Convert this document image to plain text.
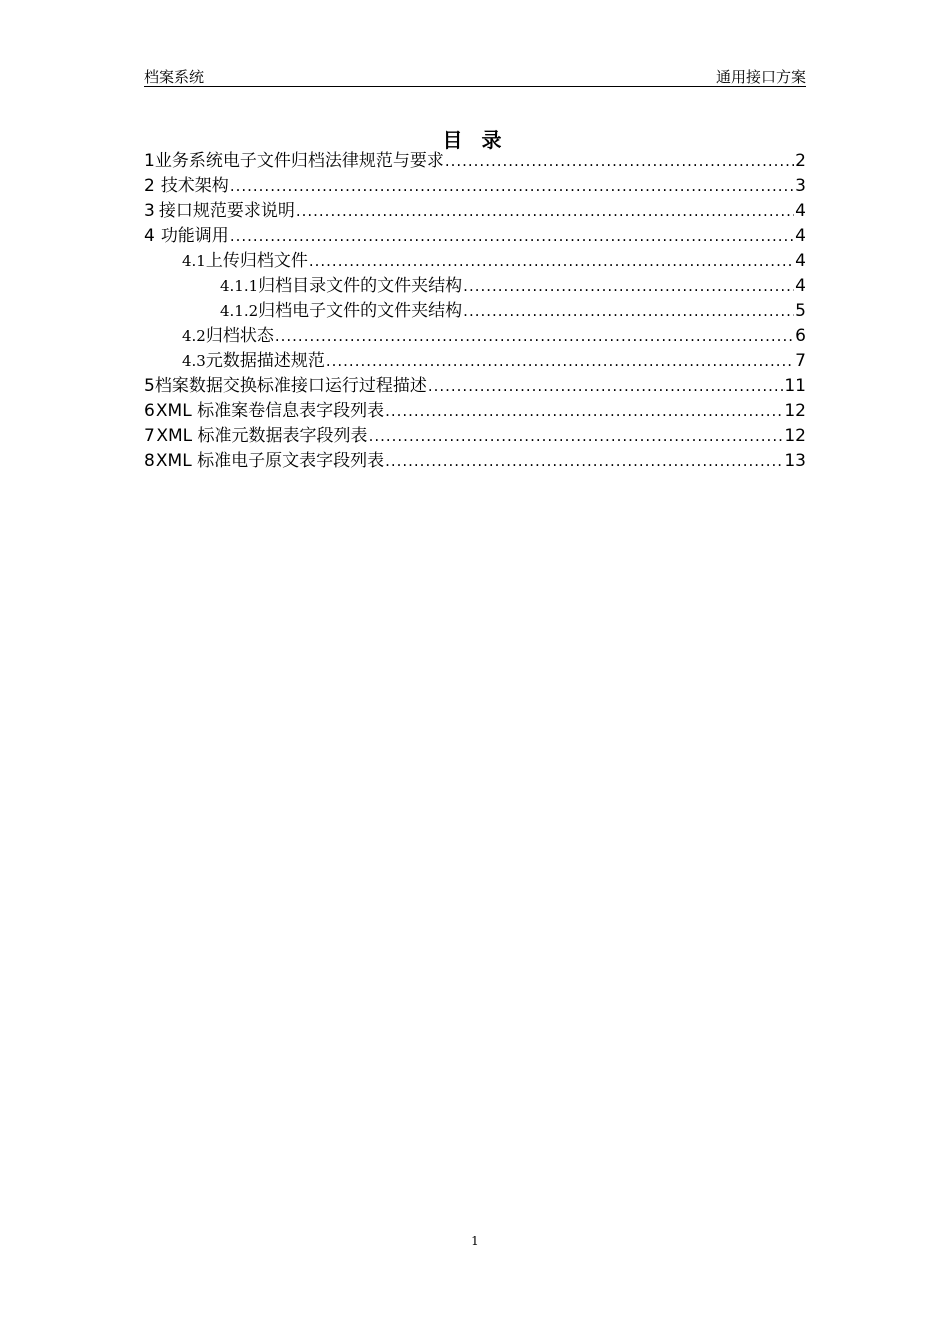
档案系统	通用接口方案
目 录
1 业务系统电子文件归档法律规范与要求 .....	2
2 技术架构 .....	3
3 接口规范要求说明 .....	4
4 功能调用 .....	4
4.1 上传归档文件 .....	4
4.1.1 归档目录文件的文件夹结构 .....	4
4.1.2 归档电子文件的文件夹结构 .....	5
4.2 归档状态 .....	6
4.3 元数据描述规范 .....	7
5 档案数据交换标准接口运行过程描述 .....	11
6 XML 标准案卷信息表字段列表 .....	12
7 XML 标准元数据表字段列表 .....	12
8 XML 标准电子原文表字段列表 .....	13
1
